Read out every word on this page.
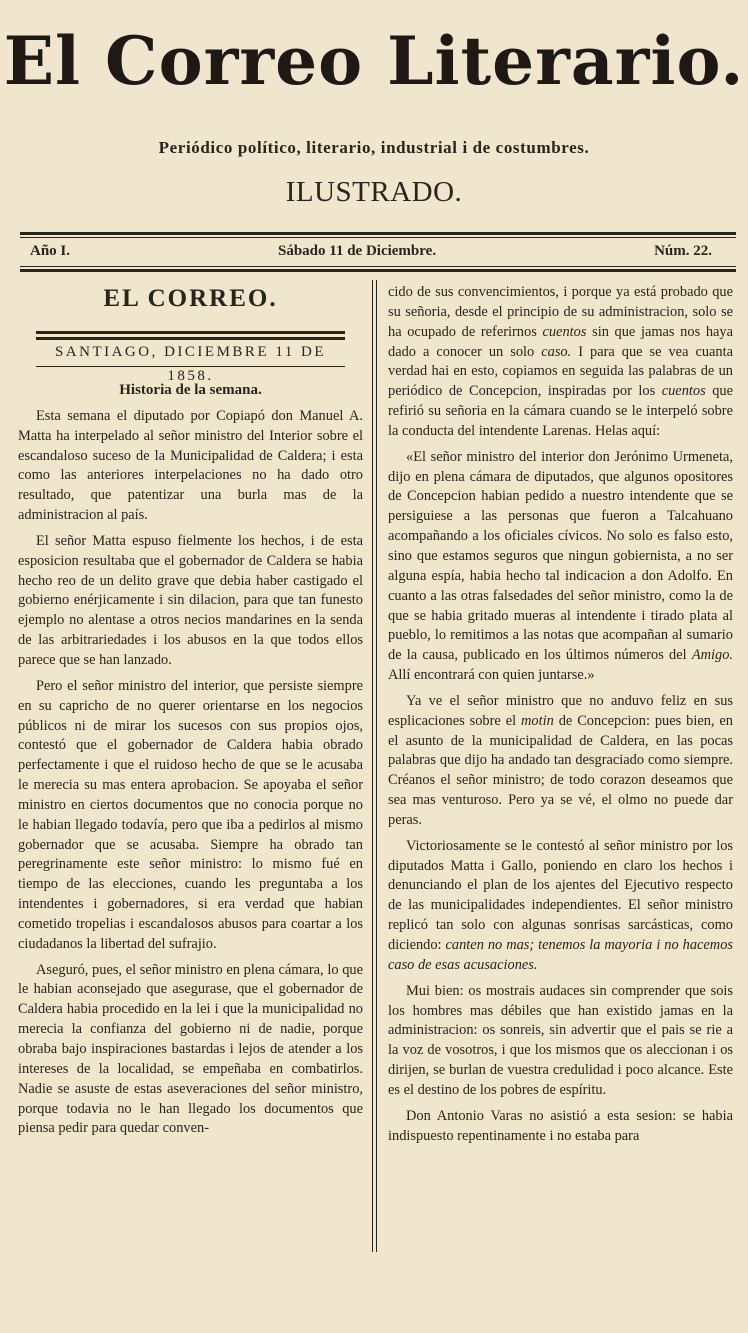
El Correo Literario.
Periódico político, literario, industrial i de costumbres.
ILUSTRADO.
Año I.	Sábado 11 de Diciembre.	Núm. 22.
EL CORREO.
SANTIAGO, DICIEMBRE 11 DE 1858.
Historia de la semana.

Esta semana el diputado por Copiapó don Manuel A. Matta ha interpelado al señor ministro del Interior sobre el escandaloso suceso de la Municipalidad de Caldera; i esta como las anteriores interpelaciones no ha dado otro resultado, que patentizar una burla mas de la administracion al país.

El señor Matta espuso fielmente los hechos, i de esta esposicion resultaba que el gobernador de Caldera se habia hecho reo de un delito grave que debia haber castigado el gobierno enérjicamente i sin dilacion, para que tan funesto ejemplo no alentase a otros necios mandarines en la senda de las arbitrariedades i los abusos en la que todos ellos parece que se han lanzado.

Pero el señor ministro del interior, que persiste siempre en su capricho de no querer orientarse en los negocios públicos ni de mirar los sucesos con sus propios ojos, contestó que el gobernador de Caldera habia obrado perfectamente i que el ruidoso hecho de que se le acusaba le merecia su mas entera aprobacion. Se apoyaba el señor ministro en ciertos documentos que no conocia porque no le habian llegado todavía, pero que iba a pedirlos al mismo gobernador que se acusaba. Siempre ha obrado tan peregrinamente este señor ministro: lo mismo fué en tiempo de las elecciones, cuando les preguntaba a los intendentes i gobernadores, si era verdad que habian cometido tropelias i escandalosos abusos para coartar a los ciudadanos la libertad del sufrajio.

Aseguró, pues, el señor ministro en plena cámara, lo que le habian aconsejado que asegurase, que el gobernador de Caldera habia procedido en la lei i que la municipalidad no merecia la confianza del gobierno ni de nadie, porque obraba bajo inspiraciones bastardas i lejos de atender a los intereses de la localidad, se empeñaba en combatirlos. Nadie se asuste de estas aseveraciones del señor ministro, porque todavia no le han llegado los documentos que piensa pedir para quedar conven-

cido de sus convencimientos, i porque ya está probado que su señoria, desde el principio de su administracion, solo se ha ocupado de referirnos cuentos sin que jamas nos haya dado a conocer un solo caso. I para que se vea cuanta verdad hai en esto, copiamos en seguida las palabras de un periódico de Concepcion, inspiradas por los cuentos que refirió su señoria en la cámara cuando se le interpeló sobre la conducta del intendente Larenas. Helas aquí:

«El señor ministro del interior don Jerónimo Urmeneta, dijo en plena cámara de diputados, que algunos opositores de Concepcion habian pedido a nuestro intendente que se persiguiese a las personas que fueron a Talcahuano acompañando a los oficiales cívicos. No solo es falso esto, sino que estamos seguros que ningun gobiernista, a no ser alguna espía, habia hecho tal indicacion a don Adolfo. En cuanto a las otras falsedades del señor ministro, como la de que se habia gritado mueras al intendente i tirado plata al pueblo, lo remitimos a las notas que acompañan al sumario de la causa, publicado en los últimos números del Amigo. Allí encontrará con quien juntarse.»

Ya ve el señor ministro que no anduvo feliz en sus esplicaciones sobre el motin de Concepcion: pues bien, en el asunto de la municipalidad de Caldera, en las pocas palabras que dijo ha andado tan desgraciado como siempre. Créanos el señor ministro; de todo corazon deseamos que sea mas venturoso. Pero ya se vé, el olmo no puede dar peras.

Victoriosamente se le contestó al señor ministro por los diputados Matta i Gallo, poniendo en claro los hechos i denunciando el plan de los ajentes del Ejecutivo respecto de las municipalidades independientes. El señor ministro replicó tan solo con algunas sonrisas sarcásticas, como diciendo: canten no mas; tenemos la mayoria i no hacemos caso de esas acusaciones.

Mui bien: os mostrais audaces sin comprender que sois los hombres mas débiles que han existido jamas en la administracion: os sonreis, sin advertir que el pais se rie a la voz de vosotros, i que los mismos que os aleccionan i os dirijen, se burlan de vuestra credulidad i poco alcance. Este es el destino de los pobres de espíritu.

Don Antonio Varas no asistió a esta sesion: se habia indispuesto repentinamente i no estaba para
